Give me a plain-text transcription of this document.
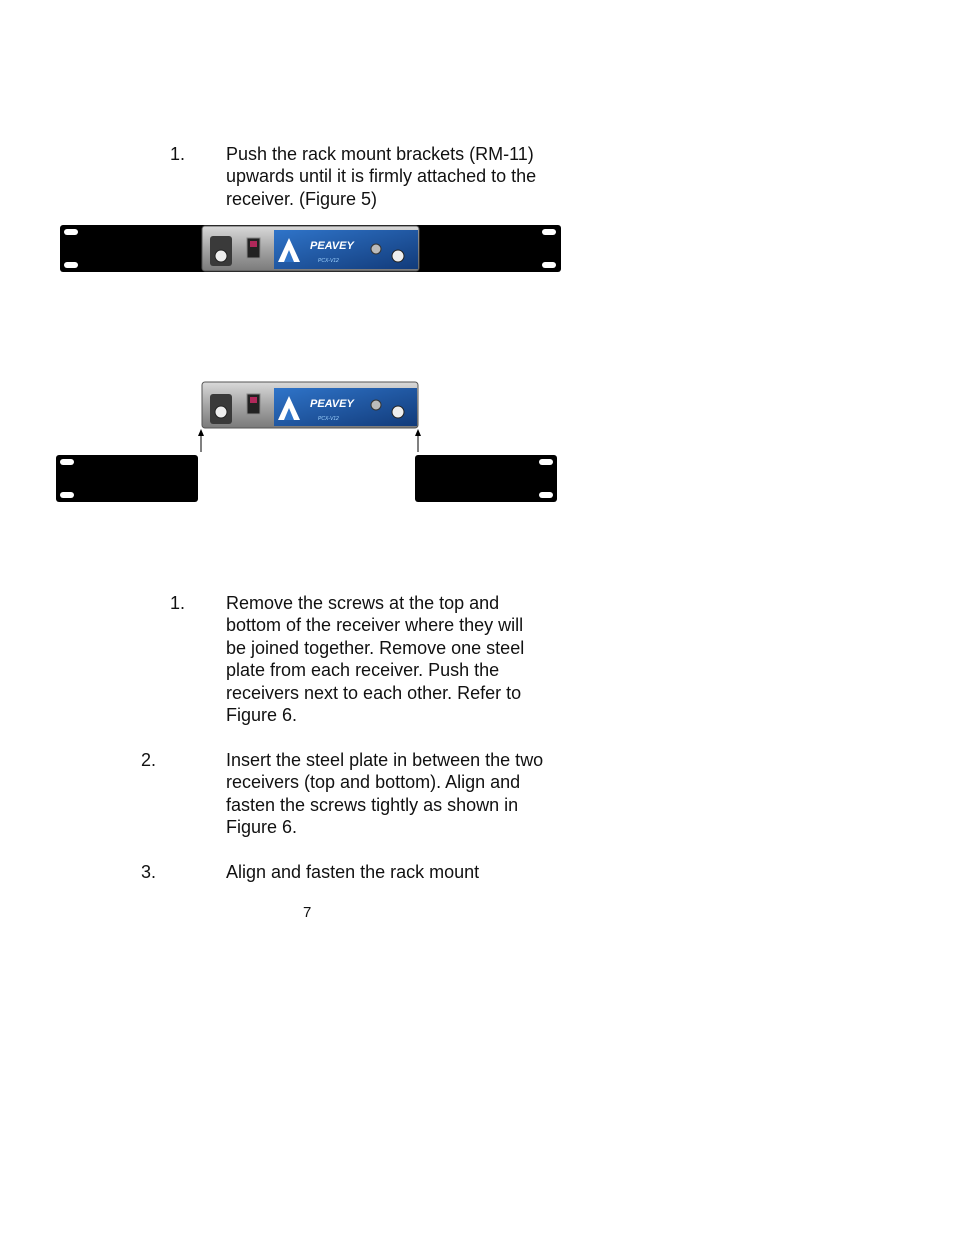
1. Push the rack mount brackets (RM-11)
upwards until it is firmly attached to the
receiver. (Figure 5)
PEAVEY
PCX-V12
PEAVEY
PCX-V12
1. Remove the screws at the top and
bottom of the receiver where they will
be joined together. Remove one steel
plate from each receiver. Push the
receivers next to each other. Refer to
Figure 6.
2.	Insert the steel plate in between the two
receivers (top and bottom). Align and
fasten the screws tightly as shown in
Figure 6.
3.	Align and fasten the rack mount
7
